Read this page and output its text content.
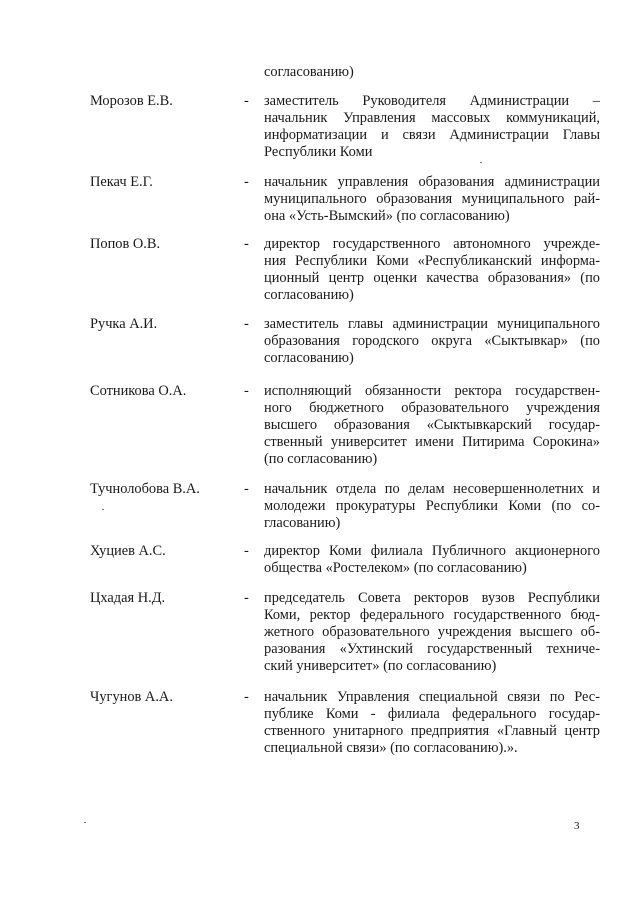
согласованию)
Морозов Е.В.	- заместитель Руководителя Администрации –
начальник Управления массовых коммуникаций,
информатизации и связи Администрации Главы
Республики Коми
Пекач Е.Г.	- начальник управления образования администрации
муниципального образования муниципального рай-
она «Усть-Вымский» (по согласованию)
Попов О.В.	- директор государственного автономного учрежде-
ния Республики Коми «Республиканский информа-
ционный центр оценки качества образования» (по
согласованию)
Ручка А.И.	- заместитель главы администрации муниципального
образования городского округа «Сыктывкар» (по
согласованию)
Сотникова О.А.	- исполняющий обязанности ректора государствен-
ного бюджетного образовательного учреждения
высшего образования «Сыктывкарский государ-
ственный университет имени Питирима Сорокина»
(по согласованию)
Тучнолобова В.А.	- начальник отдела по делам несовершеннолетних и
молодежи прокуратуры Республики Коми (по со-
гласованию)
Хуциев А.С.	- директор Коми филиала Публичного акционерного
общества «Ростелеком» (по согласованию)
Цхадая Н.Д.	- председатель Совета ректоров вузов Республики
Коми, ректор федерального государственного бюд-
жетного образовательного учреждения высшего об-
разования «Ухтинский государственный техниче-
ский университет» (по согласованию)
Чугунов А.А.	- начальник Управления специальной связи по Рес-
публике Коми - филиала федерального государ-
ственного унитарного предприятия «Главный центр
специальной связи» (по согласованию).».
3
